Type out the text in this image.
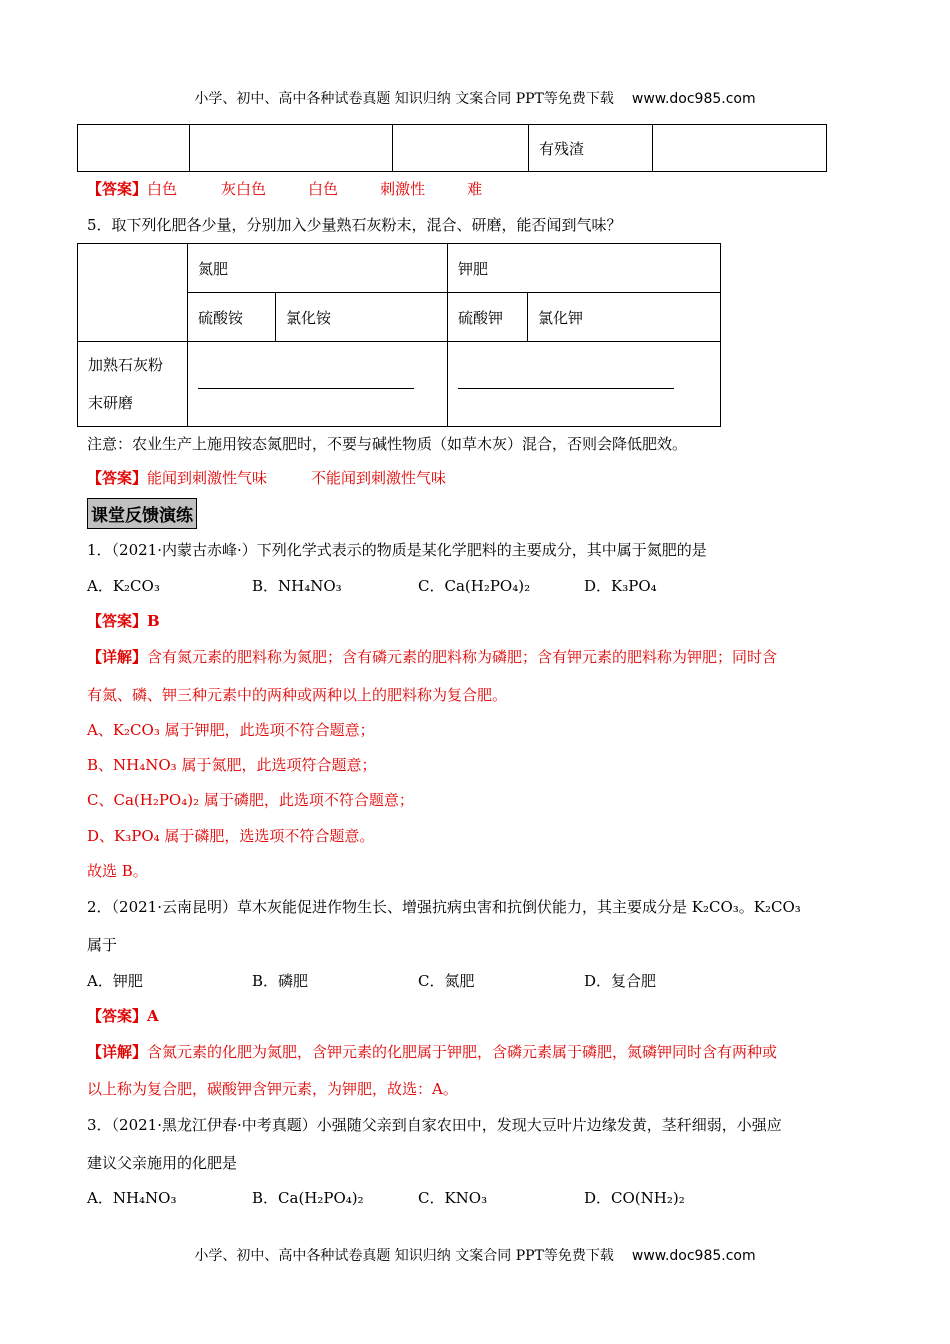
小学、初中、高中各种试卷真题 知识归纳 文案合同 PPT等免费下载 www.doc985.com
			有残渣	
【答案】白色	灰白色	白色	刺激性	难
5．取下列化肥各少量，分别加入少量熟石灰粉末，混合、研磨，能否闻到气味？
	氮肥		钾肥	
	硫酸铵	氯化铵	硫酸钾	氯化钾
加熟石灰粉
末研磨				
注意：农业生产上施用铵态氮肥时，不要与碱性物质（如草木灰）混合，否则会降低肥效。
【答案】能闻到刺激性气味	不能闻到刺激性气味
课堂反馈演练
1．（2021·内蒙古赤峰·）下列化学式表示的物质是某化学肥料的主要成分，其中属于氮肥的是
A．K₂CO₃	B．NH₄NO₃	C．Ca(H₂PO₄)₂	D．K₃PO₄
【答案】B
【详解】含有氮元素的肥料称为氮肥；含有磷元素的肥料称为磷肥；含有钾元素的肥料称为钾肥；同时含
有氮、磷、钾三种元素中的两种或两种以上的肥料称为复合肥。
A、K₂CO₃ 属于钾肥，此选项不符合题意；
B、NH₄NO₃ 属于氮肥，此选项符合题意；
C、Ca(H₂PO₄)₂ 属于磷肥，此选项不符合题意；
D、K₃PO₄ 属于磷肥，选选项不符合题意。
故选 B。
2．（2021·云南昆明）草木灰能促进作物生长、增强抗病虫害和抗倒伏能力，其主要成分是 K₂CO₃。K₂CO₃
属于
A．钾肥	B．磷肥	C．氮肥	D．复合肥
【答案】A
【详解】含氮元素的化肥为氮肥，含钾元素的化肥属于钾肥，含磷元素属于磷肥，氮磷钾同时含有两种或
以上称为复合肥，碳酸钾含钾元素，为钾肥，故选：A。
3．（2021·黑龙江伊春·中考真题）小强随父亲到自家农田中，发现大豆叶片边缘发黄，茎秆细弱，小强应
建议父亲施用的化肥是
A．NH₄NO₃	B．Ca(H₂PO₄)₂	C．KNO₃	D．CO(NH₂)₂
小学、初中、高中各种试卷真题 知识归纳 文案合同 PPT等免费下载 www.doc985.com
